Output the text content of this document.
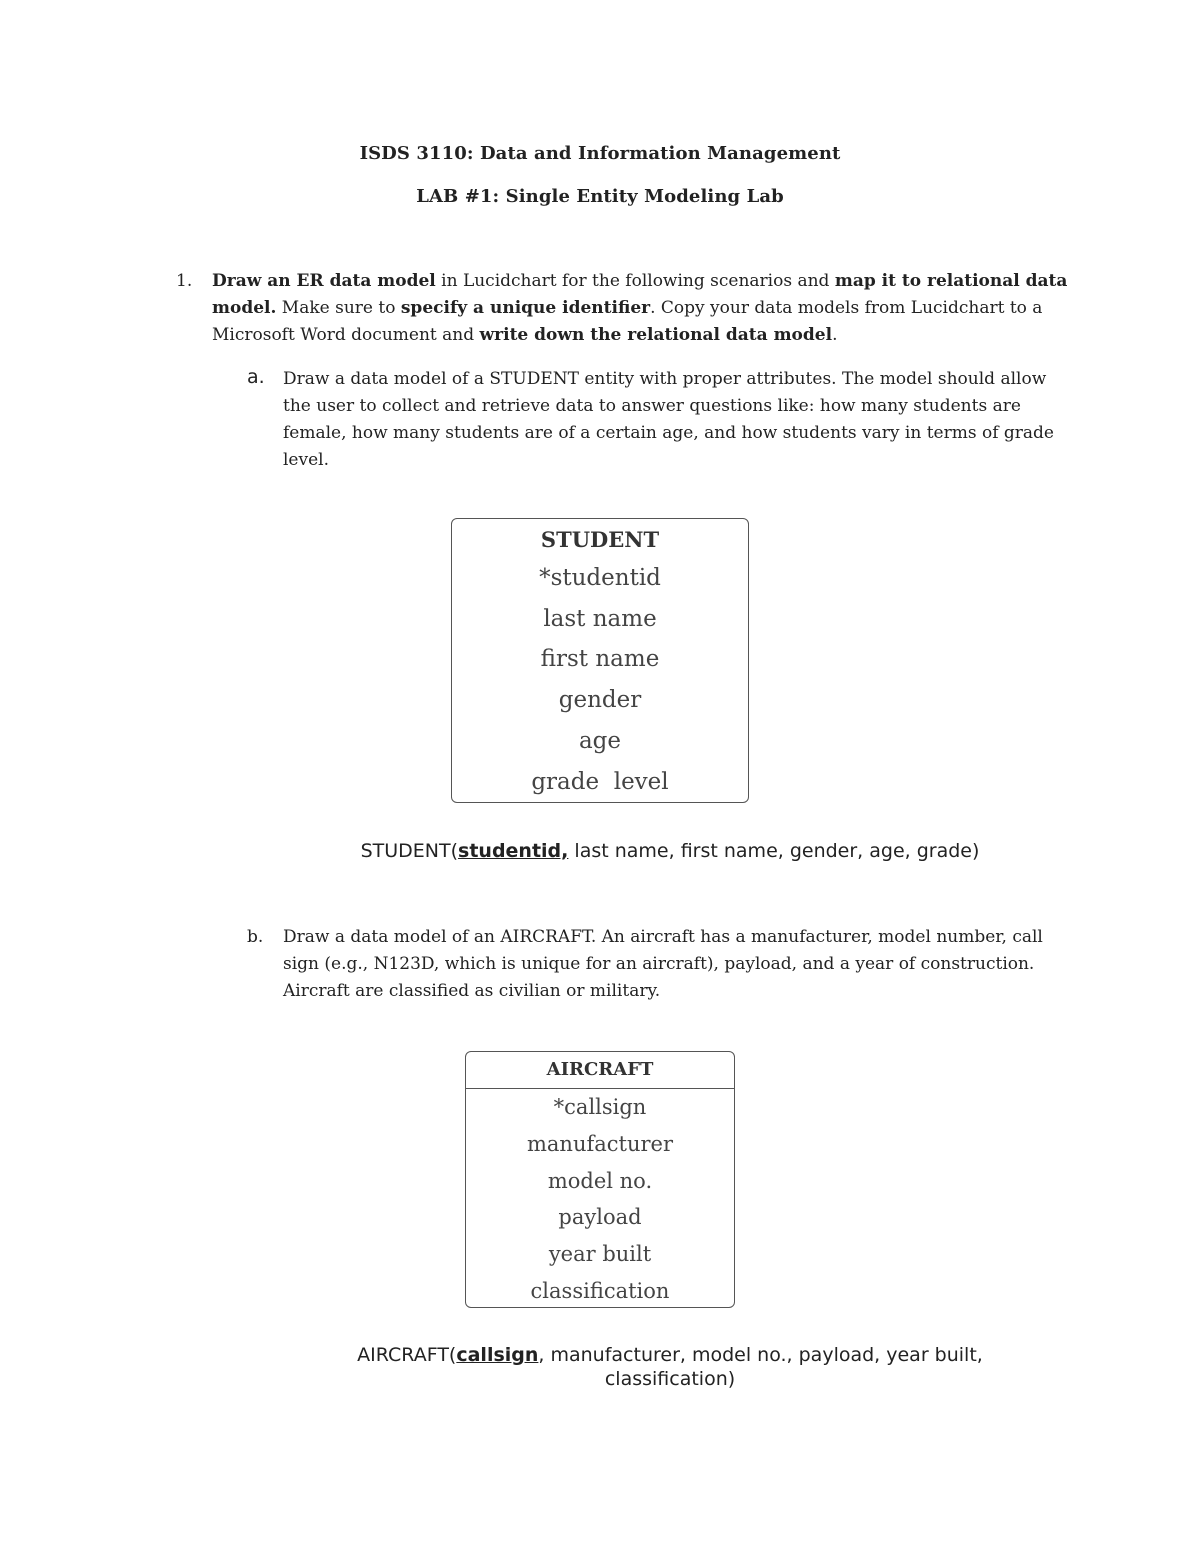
ISDS 3110: Data and Information Management
LAB #1: Single Entity Modeling Lab
1. Draw an ER data model in Lucidchart for the following scenarios and map it to relational data model. Make sure to specify a unique identifier. Copy your data models from Lucidchart to a Microsoft Word document and write down the relational data model.
a. Draw a data model of a STUDENT entity with proper attributes. The model should allow the user to collect and retrieve data to answer questions like: how many students are female, how many students are of a certain age, and how students vary in terms of grade level.
STUDENT
*studentid
last name
first name
gender
age
grade  level
STUDENT(studentid, last name, first name, gender, age, grade)
b. Draw a data model of an AIRCRAFT. An aircraft has a manufacturer, model number, call sign (e.g., N123D, which is unique for an aircraft), payload, and a year of construction. Aircraft are classified as civilian or military.
AIRCRAFT
*callsign
manufacturer
model no.
payload
year built
classification
AIRCRAFT(callsign, manufacturer, model no., payload, year built, classification)
